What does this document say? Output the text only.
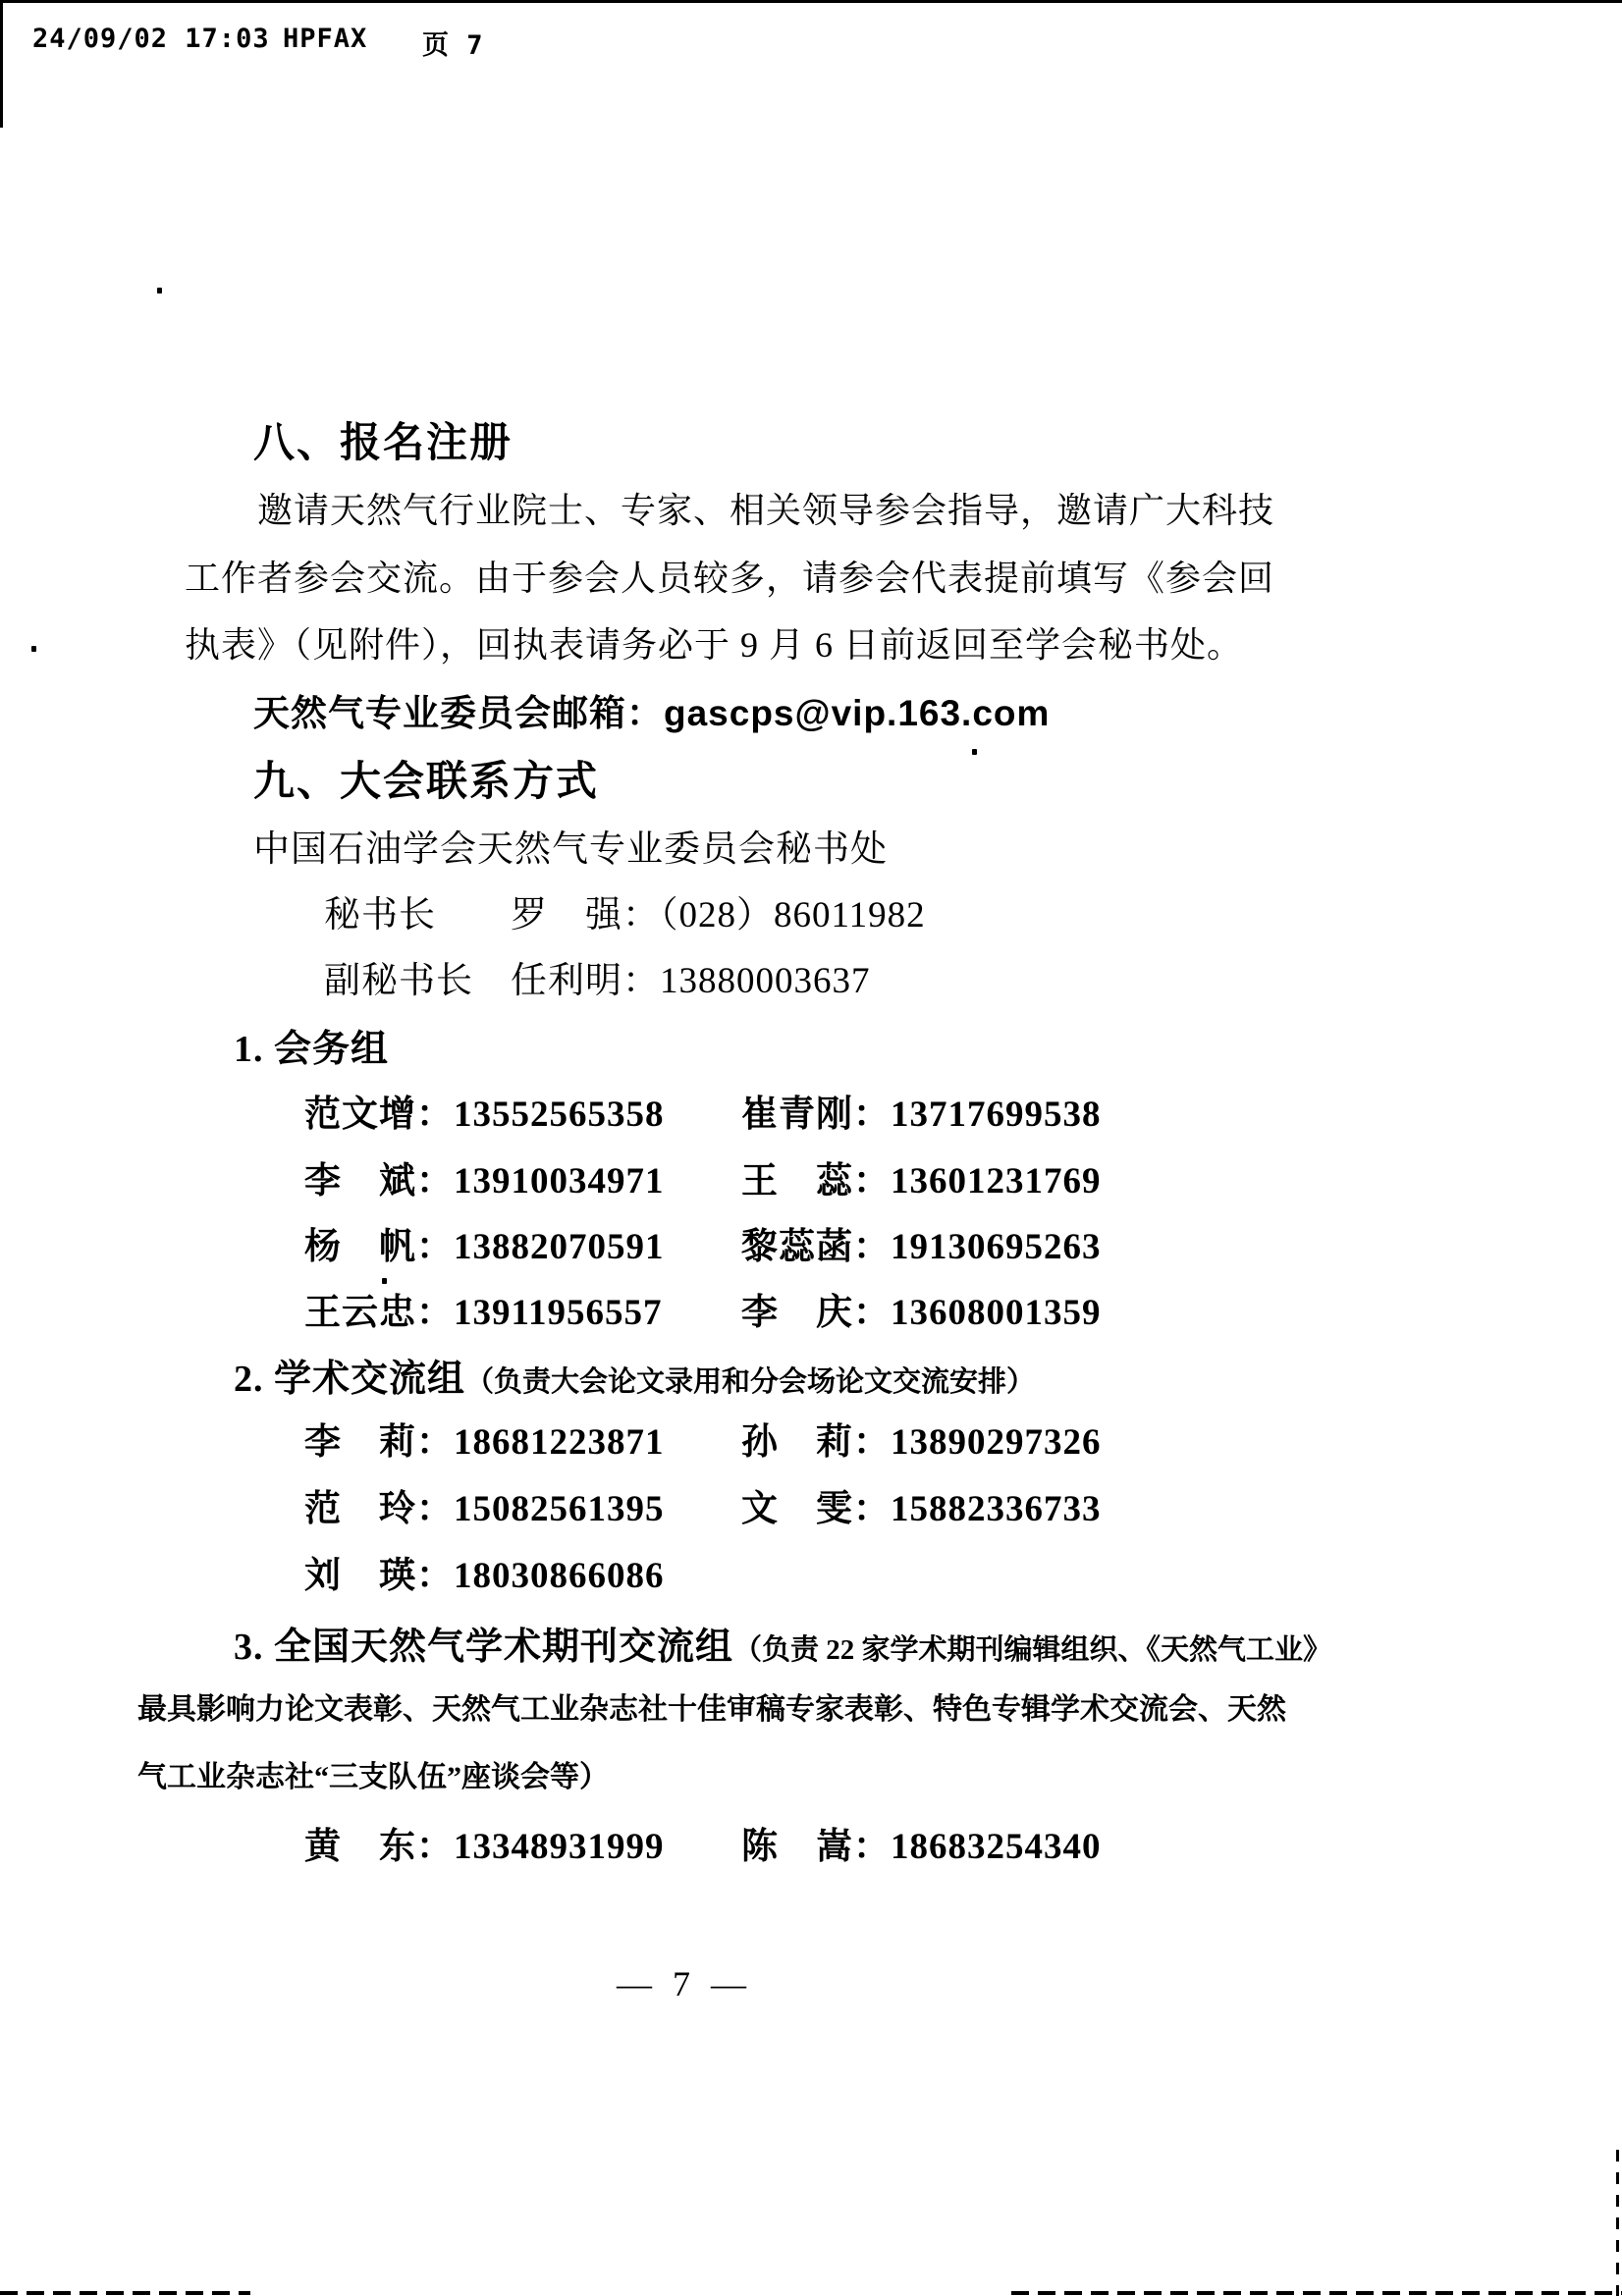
24/09/02 17:03 HPFAX 页 7
八、报名注册
邀请天然气行业院士、专家、相关领导参会指导，邀请广大科技
工作者参会交流。由于参会人员较多，请参会代表提前填写《参会回
执表》（见附件），回执表请务必于 9 月 6 日前返回至学会秘书处。
天然气专业委员会邮箱：gascps@vip.163.com
九、大会联系方式
中国石油学会天然气专业委员会秘书处
秘书长　　罗　强：（028）86011982
副秘书长　任利明：13880003637
1. 会务组
范文增：13552565358 崔青刚：13717699538
李　斌：13910034971 王　蕊：13601231769
杨　帆：13882070591 黎蕊菡：19130695263
王云忠：13911956557 李　庆：13608001359
2. 学术交流组（负责大会论文录用和分会场论文交流安排）
李　莉：18681223871 孙　莉：13890297326
范　玲：15082561395 文　雯：15882336733
刘　瑛：18030866086
3. 全国天然气学术期刊交流组（负责 22 家学术期刊编辑组织、《天然气工业》
最具影响力论文表彰、天然气工业杂志社十佳审稿专家表彰、特色专辑学术交流会、天然
气工业杂志社“三支队伍”座谈会等）
黄　东：13348931999 陈　嵩：18683254340
— 7 —
